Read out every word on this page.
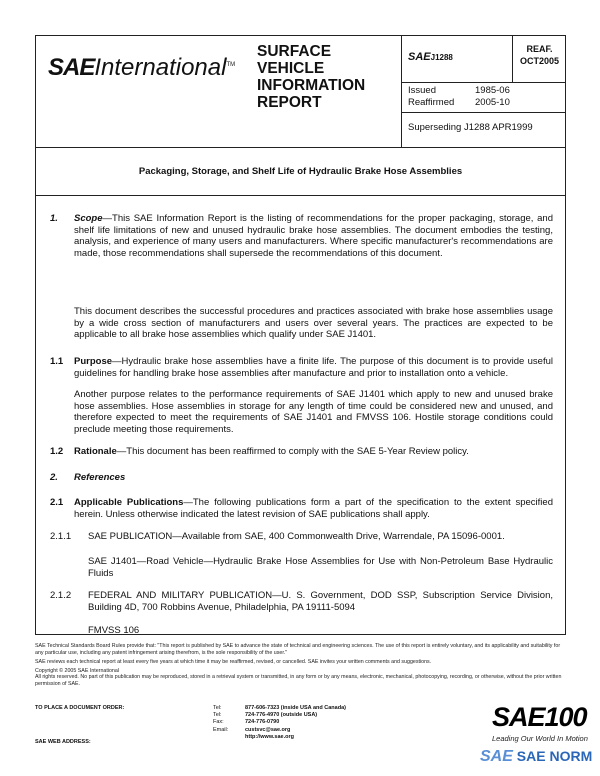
SAEInternational™
SURFACE
VEHICLE
INFORMATION
REPORT
SAEJ1288
REAF.
OCT2005
Issued	1985-06
Reaffirmed 2005-10
Superseding J1288 APR1999
Packaging, Storage, and Shelf Life of Hydraulic Brake Hose Assemblies
1. Scope—This SAE Information Report is the listing of recommendations for the proper packaging, storage, and shelf life limitations of new and unused hydraulic brake hose assemblies. The document embodies the testing, analysis, and experience of many users and manufacturers. Where specific manufacturer's recommendations are made, those recommendations shall supersede the recommendations of this document.

This document describes the successful procedures and practices associated with brake hose assemblies usage by a wide cross section of manufacturers and users over several years. The practices are expected to be applicable to all brake hose assemblies which qualify under SAE J1401.

1.1 Purpose—Hydraulic brake hose assemblies have a finite life. The purpose of this document is to provide useful guidelines for handling brake hose assemblies after manufacture and prior to installation onto a vehicle.

Another purpose relates to the performance requirements of SAE J1401 which apply to new and unused brake hose assemblies. Hose assemblies in storage for any length of time could be considered new and unused, and therefore expected to meet the requirements of SAE J1401 and FMVSS 106. Hostile storage conditions could preclude meeting those requirements.

1.2 Rationale—This document has been reaffirmed to comply with the SAE 5-Year Review policy.

2. References

2.1 Applicable Publications—The following publications form a part of the specification to the extent specified herein. Unless otherwise indicated the latest revision of SAE publications shall apply.

2.1.1 SAE PUBLICATION—Available from SAE, 400 Commonwealth Drive, Warrendale, PA 15096-0001.

SAE J1401—Road Vehicle—Hydraulic Brake Hose Assemblies for Use with Non-Petroleum Base Hydraulic Fluids

2.1.2 FEDERAL AND MILITARY PUBLICATION—U. S. Government, DOD SSP, Subscription Service Division, Building 4D, 700 Robbins Avenue, Philadelphia, PA 19111-5094

FMVSS 106

SAE Technical Standards Board Rules provide that: "This report is published by SAE to advance the state of technical and engineering sciences. The use of this report is entirely voluntary, and its applicability and suitability for any particular use, including any patent infringement arising therefrom, is the sole responsibility of the user."

SAE reviews each technical report at least every five years at which time it may be reaffirmed, revised, or cancelled. SAE invites your written comments and suggestions.

Copyright © 2005 SAE International

All rights reserved. No part of this publication may be reproduced, stored in a retrieval system or transmitted, in any form or by any means, electronic, mechanical, photocopying, recording, or otherwise, without the prior written permission of SAE.

TO PLACE A DOCUMENT ORDER:
SAE WEB ADDRESS:
Tel:	877-606-7323 (inside USA and Canada)
Tel:	724-776-4970 (outside USA)
Fax:	724-776-0790
Email:	custsvc@sae.org
http://www.sae.org
SAE100
Leading Our World In Motion
SAE SAE NORM
